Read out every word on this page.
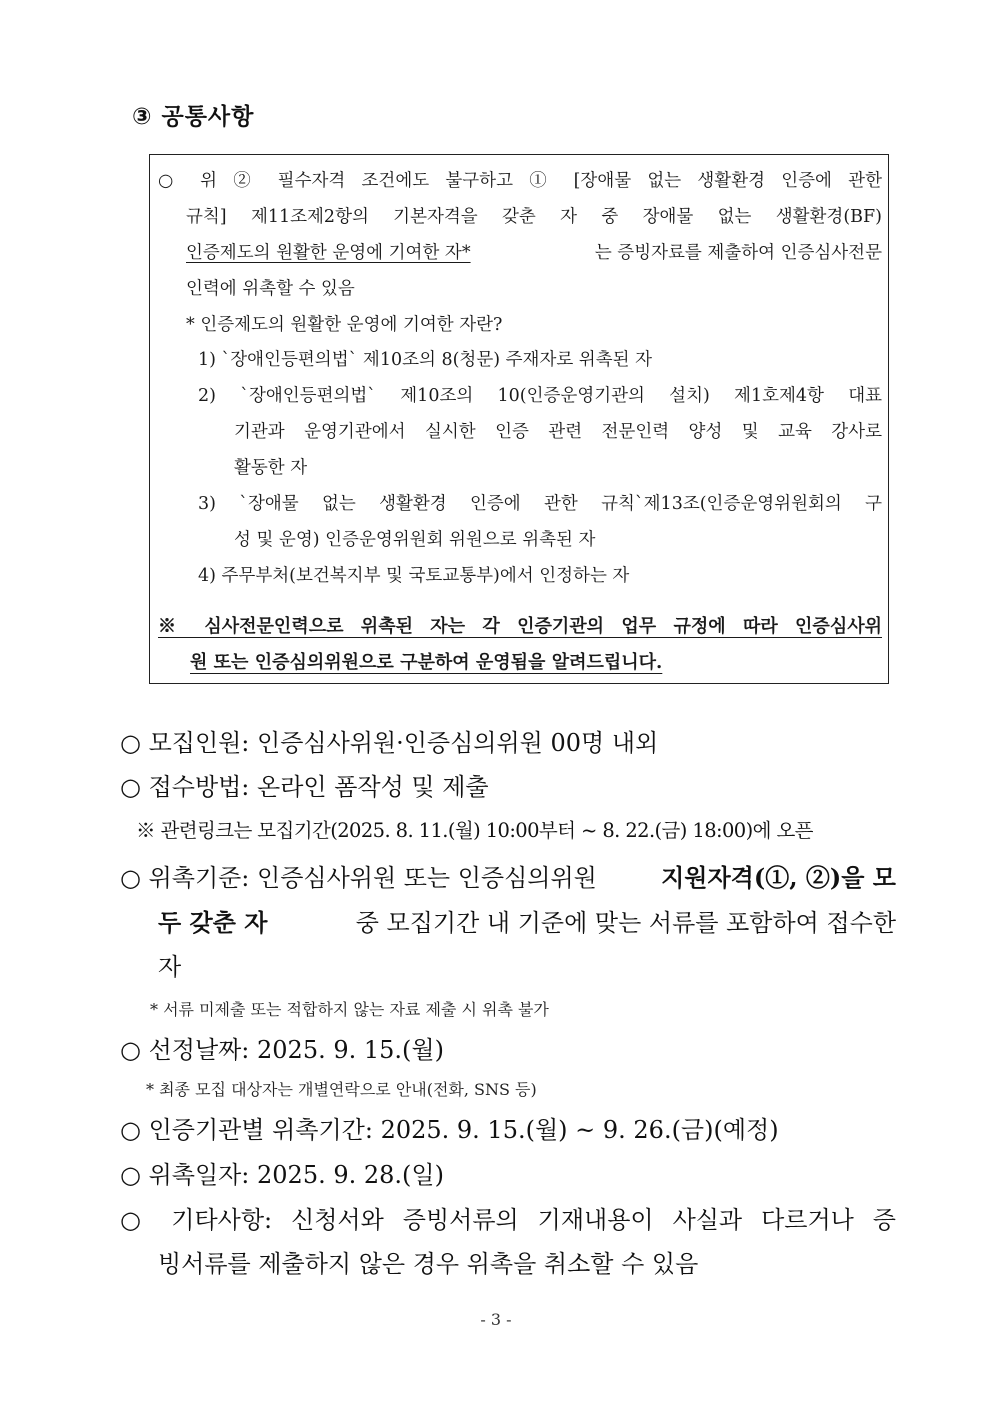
③ 공통사항
○ 위 ② 필수자격 조건에도 불구하고 ① [장애물 없는 생활환경 인증에 관한
규칙] 제11조제2항의 기본자격을 갖춘 자 중 장애물 없는 생활환경(BF)
인증제도의 원활한 운영에 기여한 자*	는 증빙자료를 제출하여 인증심사전문
인력에 위촉할 수 있음
* 인증제도의 원활한 운영에 기여한 자란?
1) `장애인등편의법` 제10조의 8(청문) 주재자로 위촉된 자
2) `장애인등편의법` 제10조의 10(인증운영기관의 설치) 제1호제4항 대표
기관과 운영기관에서 실시한 인증 관련 전문인력 양성 및 교육 강사로
활동한 자
3) `장애물 없는 생활환경 인증에 관한 규칙`제13조(인증운영위원회의 구
성 및 운영) 인증운영위원회 위원으로 위촉된 자
4) 주무부처(보건복지부 및 국토교통부)에서 인정하는 자
※ 심사전문인력으로 위촉된 자는 각 인증기관의 업무 규정에 따라 인증심사위
원 또는 인증심의위원으로 구분하여 운영됨을 알려드립니다.
○ 모집인원: 인증심사위원·인증심의위원 00명 내외
○ 접수방법: 온라인 폼작성 및 제출
※ 관련링크는 모집기간(2025. 8. 11.(월) 10:00부터 ~ 8. 22.(금) 18:00)에 오픈
○ 위촉기준: 인증심사위원 또는 인증심의위원	지원자격(①, ②)을 모
두 갖춘 자	중 모집기간 내 기준에 맞는 서류를 포함하여 접수한
자
* 서류 미제출 또는 적합하지 않는 자료 제출 시 위촉 불가
○ 선정날짜: 2025. 9. 15.(월)
* 최종 모집 대상자는 개별연락으로 안내(전화, SNS 등)
○ 인증기관별 위촉기간: 2025. 9. 15.(월) ~ 9. 26.(금)(예정)
○ 위촉일자: 2025. 9. 28.(일)
○ 기타사항: 신청서와 증빙서류의 기재내용이 사실과 다르거나 증
빙서류를 제출하지 않은 경우 위촉을 취소할 수 있음
- 3 -
